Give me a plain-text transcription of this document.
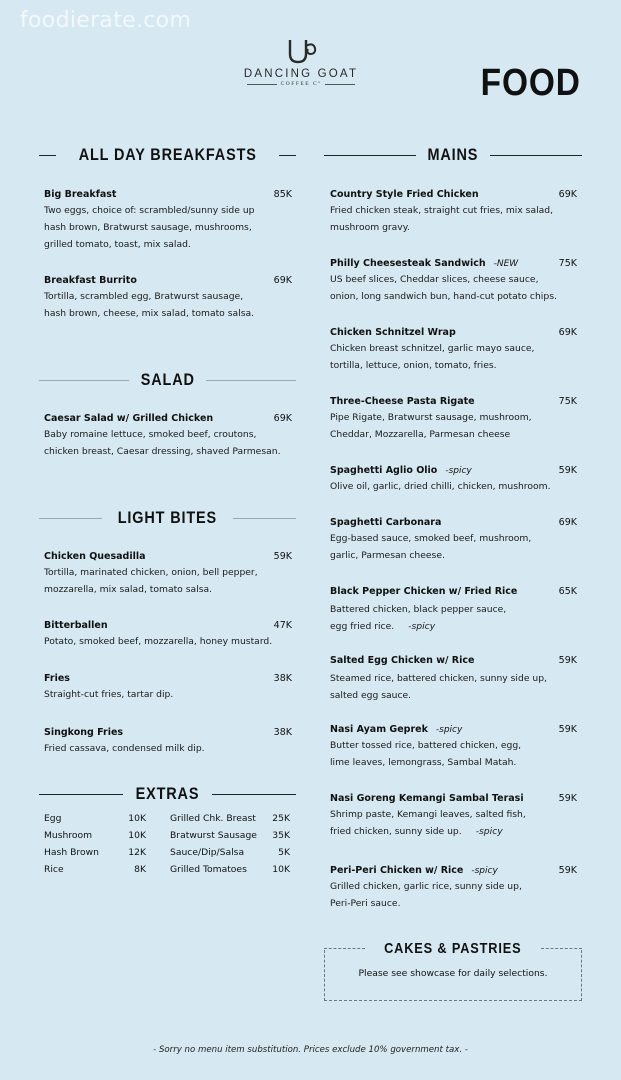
foodierate.com
DANCING GOAT
COFFEE Cº	FOOD
ALL DAY BREAKFASTS
Big Breakfast	85K
Two eggs, choice of: scrambled/sunny side up
hash brown, Bratwurst sausage, mushrooms,
grilled tomato, toast, mix salad.
Breakfast Burrito	69K
Tortilla, scrambled egg, Bratwurst sausage,
hash brown, cheese, mix salad, tomato salsa.
SALAD
Caesar Salad w/ Grilled Chicken	69K
Baby romaine lettuce, smoked beef, croutons,
chicken breast, Caesar dressing, shaved Parmesan.
LIGHT BITES
Chicken Quesadilla	59K
Tortilla, marinated chicken, onion, bell pepper,
mozzarella, mix salad, tomato salsa.
Bitterballen	47K
Potato, smoked beef, mozzarella, honey mustard.
Fries	38K
Straight-cut fries, tartar dip.
Singkong Fries	38K
Fried cassava, condensed milk dip.
EXTRAS
Egg	10K	Grilled Chk. Breast	25K
Mushroom	10K	Bratwurst Sausage	35K
Hash Brown	12K	Sauce/Dip/Salsa	5K
Rice	8K	Grilled Tomatoes	10K
MAINS
Country Style Fried Chicken	69K
Fried chicken steak, straight cut fries, mix salad,
mushroom gravy.
Philly Cheesesteak Sandwich -NEW	75K
US beef slices, Cheddar slices, cheese sauce,
onion, long sandwich bun, hand-cut potato chips.
Chicken Schnitzel Wrap	69K
Chicken breast schnitzel, garlic mayo sauce,
tortilla, lettuce, onion, tomato, fries.
Three-Cheese Pasta Rigate	75K
Pipe Rigate, Bratwurst sausage, mushroom,
Cheddar, Mozzarella, Parmesan cheese
Spaghetti Aglio Olio -spicy	59K
Olive oil, garlic, dried chilli, chicken, mushroom.
Spaghetti Carbonara	69K
Egg-based sauce, smoked beef, mushroom,
garlic, Parmesan cheese.
Black Pepper Chicken w/ Fried Rice	65K
Battered chicken, black pepper sauce,
egg fried rice. -spicy
Salted Egg Chicken w/ Rice	59K
Steamed rice, battered chicken, sunny side up,
salted egg sauce.
Nasi Ayam Geprek -spicy	59K
Butter tossed rice, battered chicken, egg,
lime leaves, lemongrass, Sambal Matah.
Nasi Goreng Kemangi Sambal Terasi	59K
Shrimp paste, Kemangi leaves, salted fish,
fried chicken, sunny side up. -spicy
Peri-Peri Chicken w/ Rice -spicy	59K
Grilled chicken, garlic rice, sunny side up,
Peri-Peri sauce.
Please see showcase for daily selections.
CAKES & PASTRIES
- Sorry no menu item substitution. Prices exclude 10% government tax. -
